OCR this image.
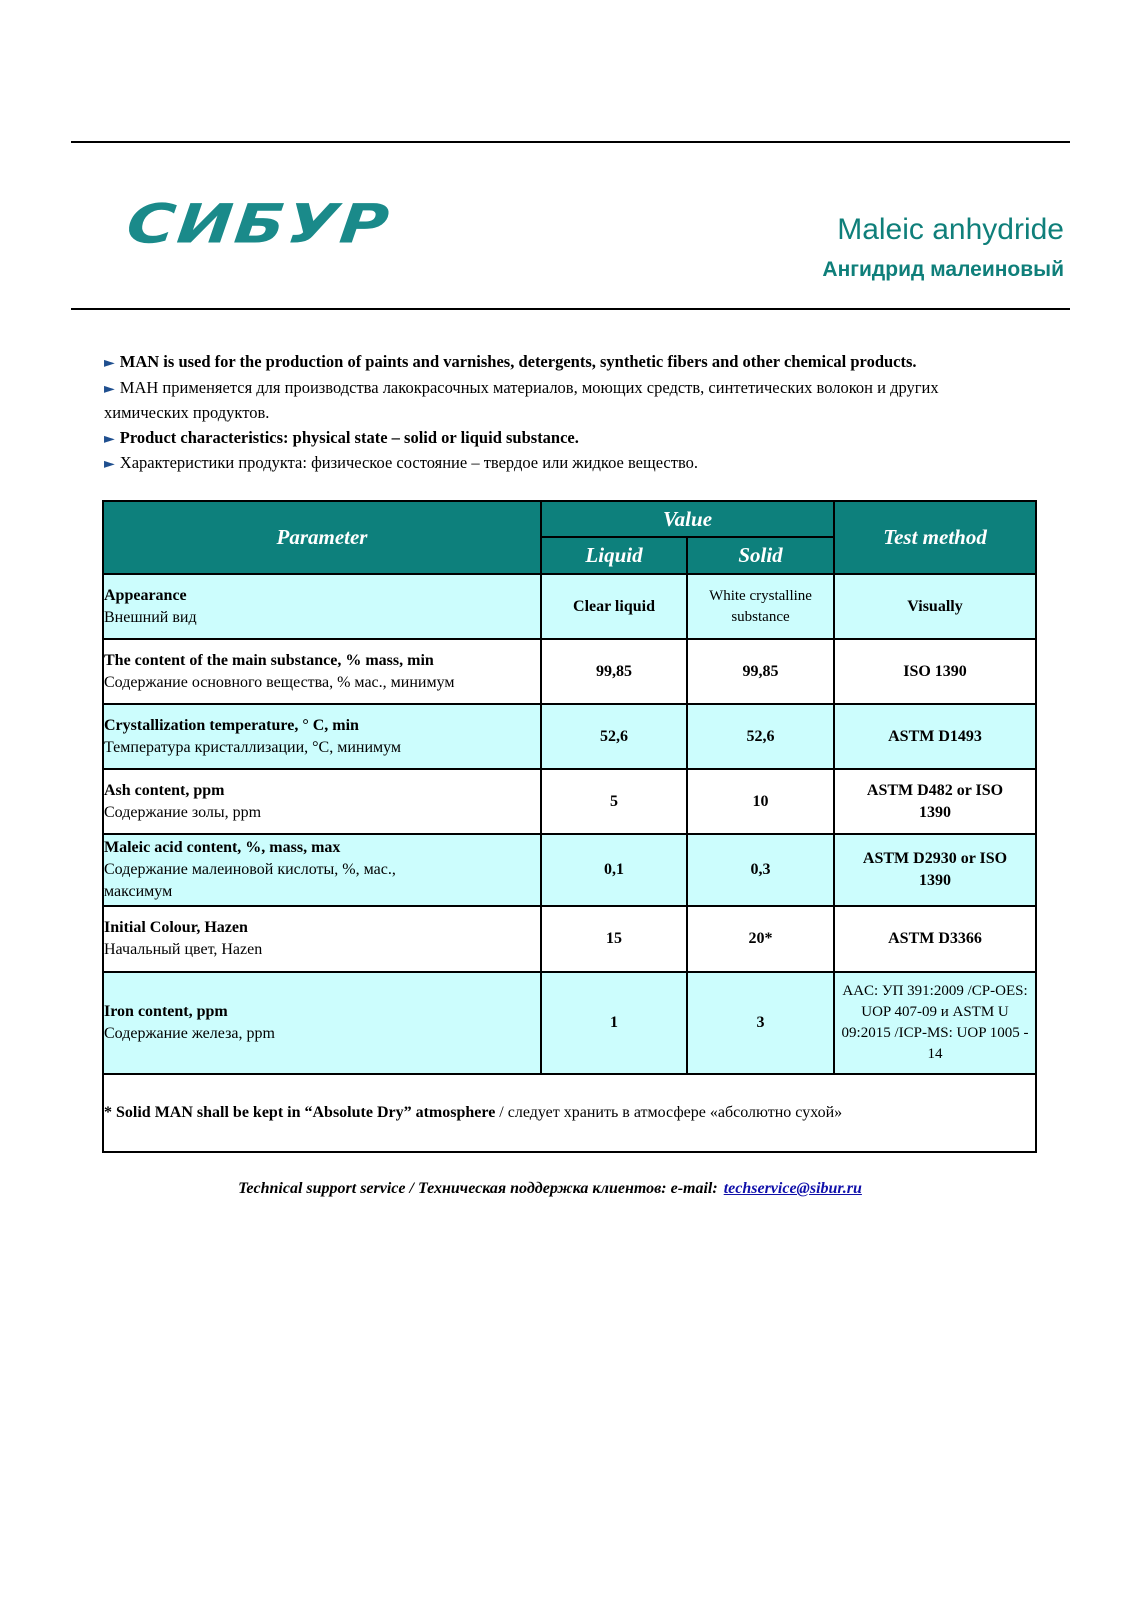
СИБУР	Maleic anhydride
Ангидрид малеиновый
► MAN is used for the production of paints and varnishes, detergents, synthetic fibers and other chemical products.
► МАН применяется для производства лакокрасочных материалов, моющих средств, синтетических волокон и других химических продуктов.
► Product characteristics: physical state – solid or liquid substance.
► Характеристики продукта: физическое состояние – твердое или жидкое вещество.
Parameter	Value		Test method
	Liquid	Solid	

Appearance
Внешний вид	Clear liquid	White crystalline substance	Visually

The content of the main substance, % mass, min
Содержание основного вещества, % мас., минимум	99,85	99,85	ISO 1390

Crystallization temperature, ° C, min
Температура кристаллизации, °С, минимум	52,6	52,6	ASTM D1493

Ash content, ppm
Содержание золы, ppm	5	10	ASTM D482 or ISO 1390

Maleic acid content, %, mass, max
Содержание малеиновой кислоты, %, мас., максимум	0,1	0,3	ASTM D2930 or ISO 1390

Initial Colour, Hazen
Начальный цвет, Hazen	15	20*	ASTM D3366

Iron content, ppm
Содержание железа, ppm	1	3	AAC: УП 391:2009 /CP-OES: UOP 407-09 и ASTM U 09:2015 /ICP-MS: UOP 1005 - 14
* Solid MAN shall be kept in “Absolute Dry” atmosphere / следует хранить в атмосфере «абсолютно сухой»			
Technical support service / Техническая поддержка клиентов: e-mail: techservice@sibur.ru
